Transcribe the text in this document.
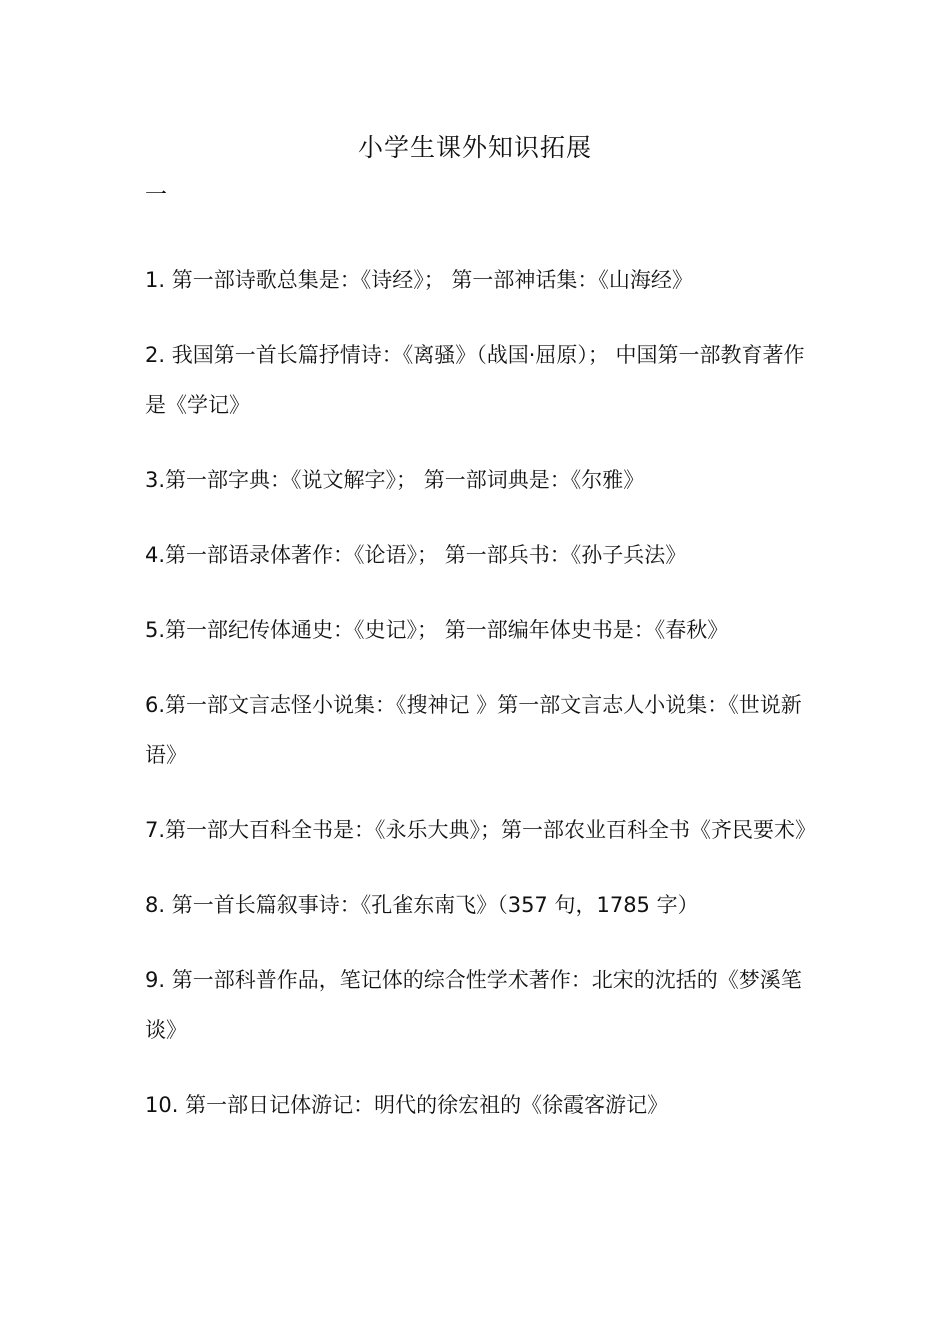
小学生课外知识拓展
一
1. 第一部诗歌总集是：《诗经》； 第一部神话集：《山海经》
2. 我国第一首长篇抒情诗：《离骚》（战国·屈原）； 中国第一部教育著作是《学记》
3.第一部字典：《说文解字》； 第一部词典是：《尔雅》
4.第一部语录体著作：《论语》； 第一部兵书：《孙子兵法》
5.第一部纪传体通史：《史记》； 第一部编年体史书是：《春秋》
6.第一部文言志怪小说集：《搜神记 》第一部文言志人小说集：《世说新语》
7.第一部大百科全书是：《永乐大典》；第一部农业百科全书《齐民要术》
8. 第一首长篇叙事诗：《孔雀东南飞》（357 句，1785 字）
9. 第一部科普作品，笔记体的综合性学术著作：北宋的沈括的《梦溪笔谈》
10. 第一部日记体游记：明代的徐宏祖的《徐霞客游记》
